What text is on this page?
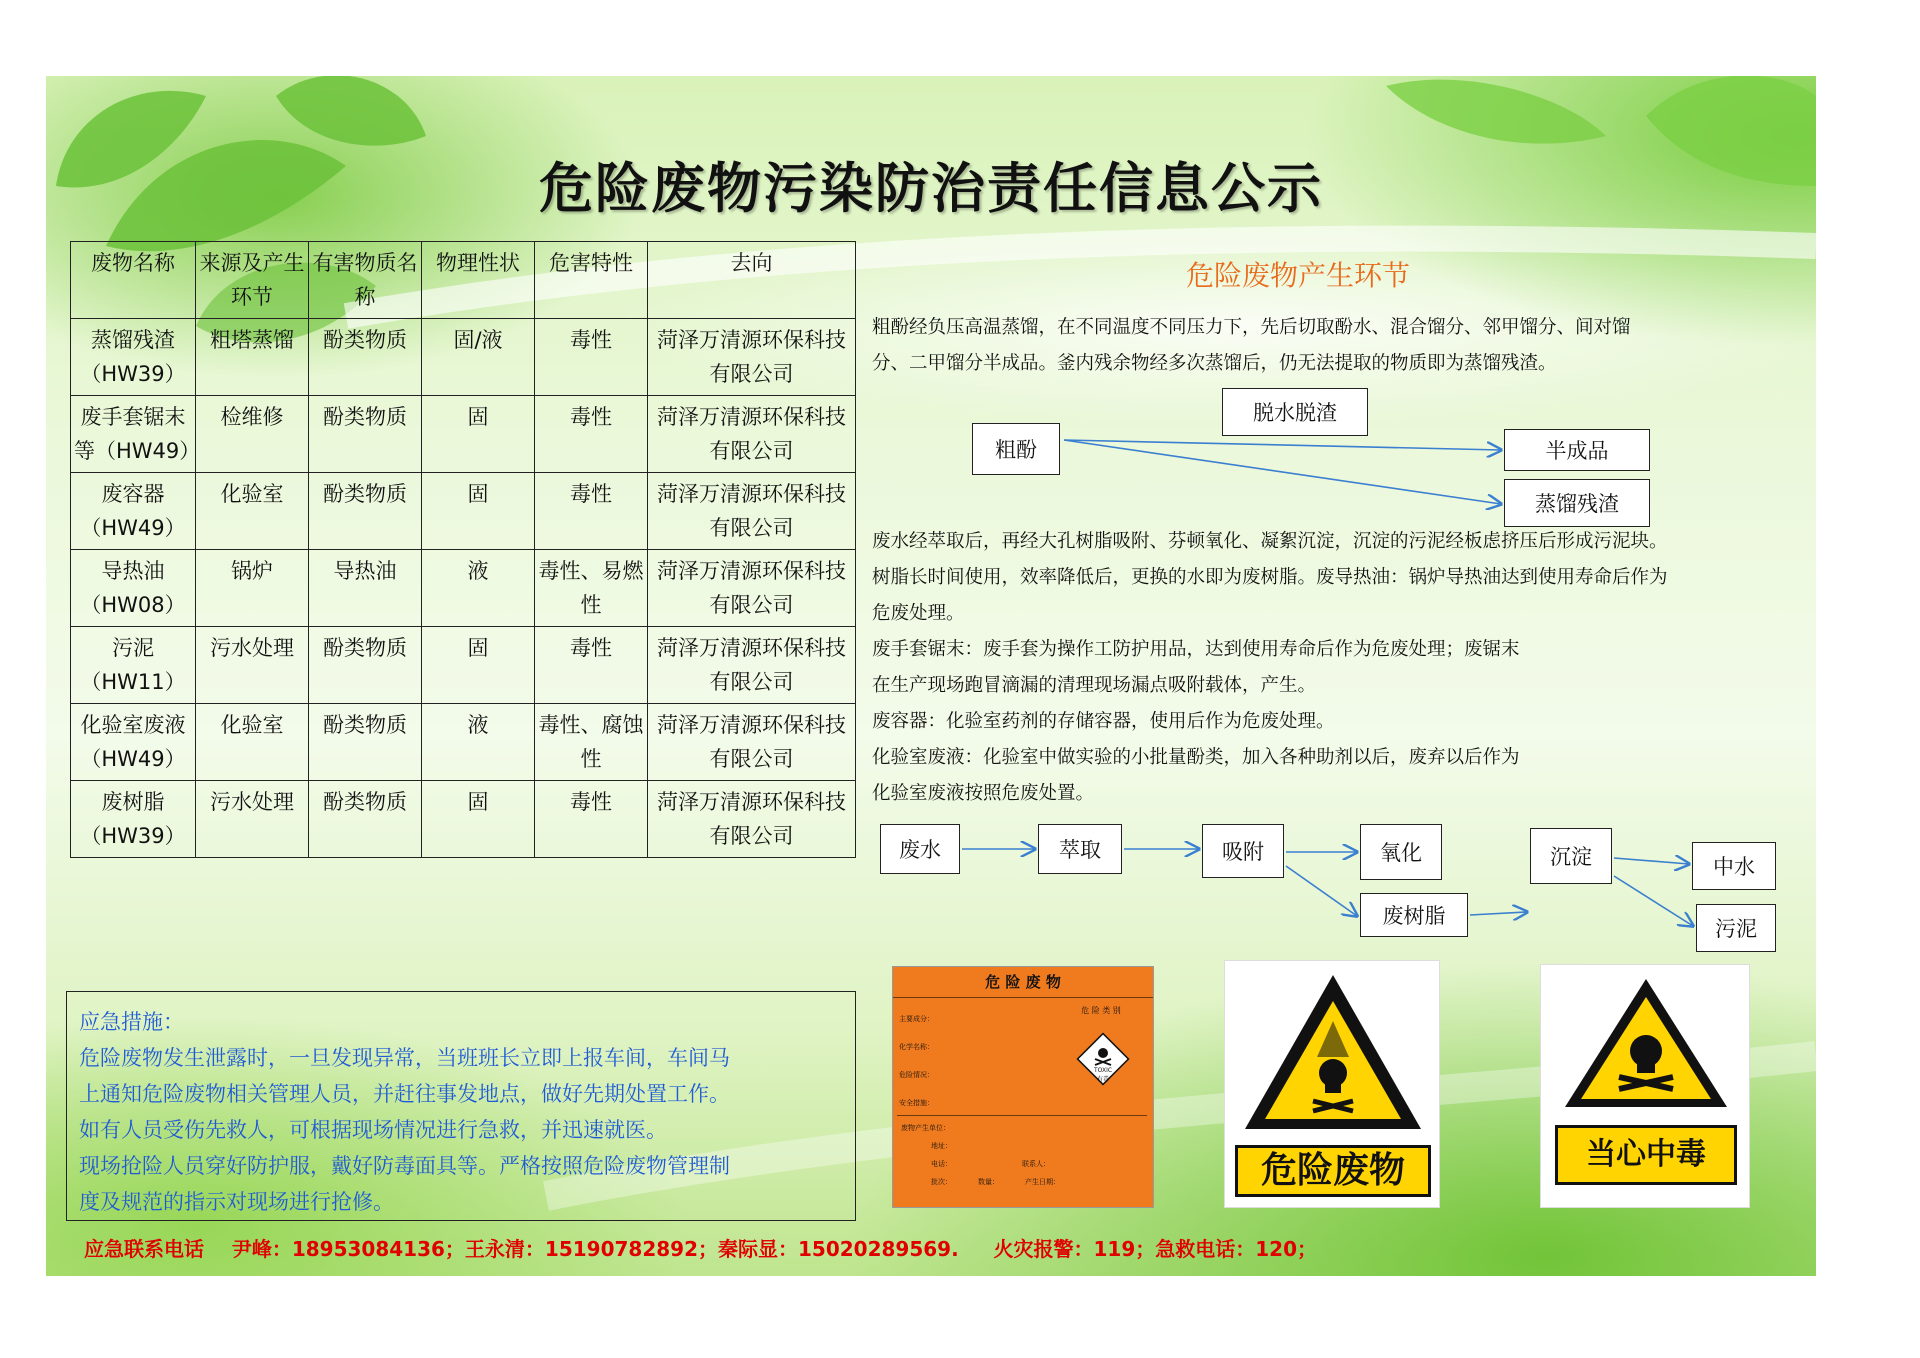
危险废物污染防治责任信息公示
废物名称	来源及产生环节	有害物质名称	物理性状	危害特性	去向
蒸馏残渣（HW39）	粗塔蒸馏	酚类物质	固/液	毒性	菏泽万清源环保科技有限公司
废手套锯末等（HW49）	检维修	酚类物质	固	毒性	菏泽万清源环保科技有限公司
废容器（HW49）	化验室	酚类物质	固	毒性	菏泽万清源环保科技有限公司
导热油（HW08）	锅炉	导热油	液	毒性、易燃性	菏泽万清源环保科技有限公司
污泥（HW11）	污水处理	酚类物质	固	毒性	菏泽万清源环保科技有限公司
化验室废液（HW49）	化验室	酚类物质	液	毒性、腐蚀性	菏泽万清源环保科技有限公司
废树脂（HW39）	污水处理	酚类物质	固	毒性	菏泽万清源环保科技有限公司
应急措施：
危险废物发生泄露时，一旦发现异常，当班班长立即上报车间，车间马
上通知危险废物相关管理人员，并赶往事发地点，做好先期处置工作。
如有人员受伤先救人，可根据现场情况进行急救，并迅速就医。
现场抢险人员穿好防护服，戴好防毒面具等。严格按照危险废物管理制
度及规范的指示对现场进行抢修。
应急联系电话    尹峰：18953084136；王永清：15190782892；秦际显：15020289569.     火灾报警：119；急救电话：120；
危险废物产生环节
粗酚经负压高温蒸馏，在不同温度不同压力下，先后切取酚水、混合馏分、邻甲馏分、间对馏
分、二甲馏分半成品。釜内残余物经多次蒸馏后，仍无法提取的物质即为蒸馏残渣。
粗酚
脱水脱渣
半成品
蒸馏残渣
废水经萃取后，再经大孔树脂吸附、芬顿氧化、凝絮沉淀，沉淀的污泥经板虑挤压后形成污泥块。
树脂长时间使用，效率降低后，更换的水即为废树脂。废导热油：锅炉导热油达到使用寿命后作为
危废处理。
废手套锯末：废手套为操作工防护用品，达到使用寿命后作为危废处理；废锯末
在生产现场跑冒滴漏的清理现场漏点吸附载体，产生。
废容器：化验室药剂的存储容器，使用后作为危废处理。
化验室废液：化验室中做实验的小批量酚类，加入各种助剂以后，废弃以后作为
化验室废液按照危废处置。
废水	萃取	吸附	氧化
废树脂
沉淀	中水
污泥
危 险 废 物
主要成分：
化学名称：
危险情况：
安全措施：
危 险 类 别
TOXIC
有毒
废物产生单位：
地址：
电话：	联系人：
批次：	数量：	产生日期：	危险废物	当心中毒
